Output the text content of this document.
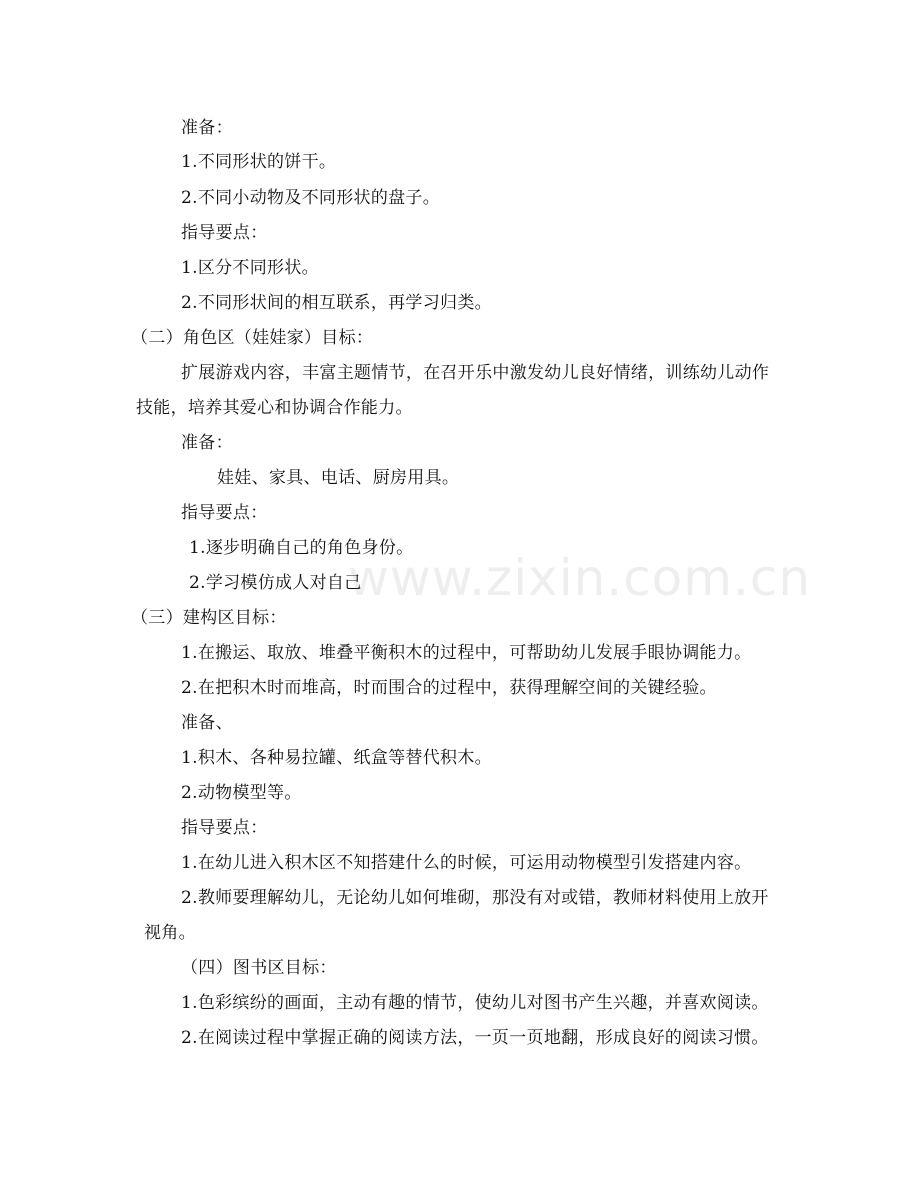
准备：
1.不同形状的饼干。
2.不同小动物及不同形状的盘子。
指导要点：
1.区分不同形状。
2.不同形状间的相互联系，再学习归类。
（二）角色区（娃娃家）目标：
扩展游戏内容，丰富主题情节，在召开乐中激发幼儿良好情绪，训练幼儿动作
技能，培养其爱心和协调合作能力。
准备：
娃娃、家具、电话、厨房用具。
指导要点：
1.逐步明确自己的角色身份。
2.学习模仿成人对自己
（三）建构区目标：
1.在搬运、取放、堆叠平衡积木的过程中，可帮助幼儿发展手眼协调能力。
2.在把积木时而堆高，时而围合的过程中，获得理解空间的关键经验。
准备、
1.积木、各种易拉罐、纸盒等替代积木。
2.动物模型等。
指导要点：
1.在幼儿进入积木区不知搭建什么的时候，可运用动物模型引发搭建内容。
2.教师要理解幼儿，无论幼儿如何堆砌，那没有对或错，教师材料使用上放开
视角。
（四）图书区目标：
1.色彩缤纷的画面，主动有趣的情节，使幼儿对图书产生兴趣，并喜欢阅读。
2.在阅读过程中掌握正确的阅读方法，一页一页地翻，形成良好的阅读习惯。
www.zixin.com.cn
